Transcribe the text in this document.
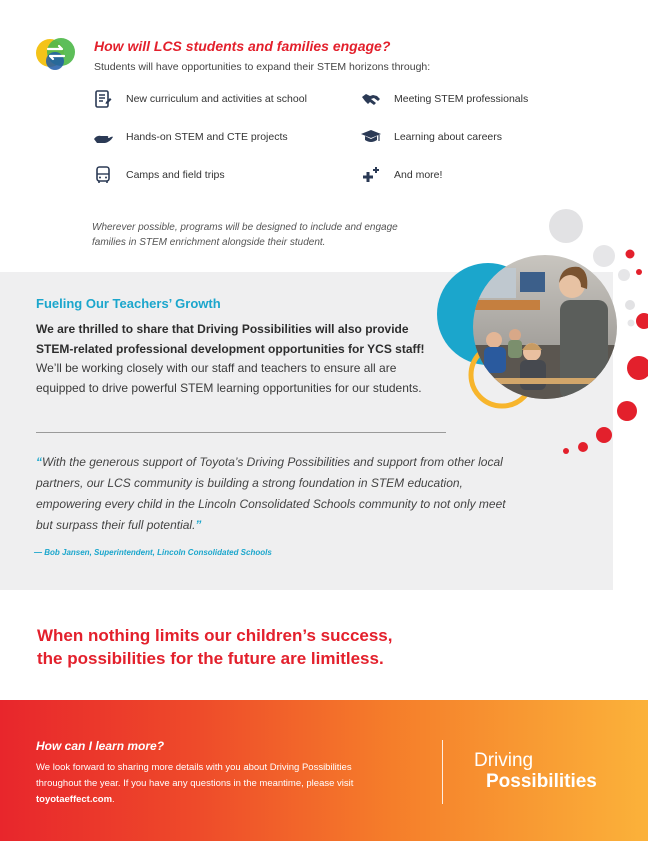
How will LCS students and families engage?
Students will have opportunities to expand their STEM horizons through:
New curriculum and activities at school	Meeting STEM professionals
Hands-on STEM and CTE projects	Learning about careers
Camps and field trips	And more!
Wherever possible, programs will be designed to include and engage families in STEM enrichment alongside their student.
Fueling Our Teachers’ Growth
We are thrilled to share that Driving Possibilities will also provide STEM-related professional development opportunities for YCS staff! We’ll be working closely with our staff and teachers to ensure all are equipped to drive powerful STEM learning opportunities for our students.
“With the generous support of Toyota’s Driving Possibilities and support from other local partners, our LCS community is building a strong foundation in STEM education, empowering every child in the Lincoln Consolidated Schools community to not only meet but surpass their full potential.”
— Bob Jansen, Superintendent, Lincoln Consolidated Schools
When nothing limits our children’s success,
the possibilities for the future are limitless.
How can I learn more?
We look forward to sharing more details with you about Driving Possibilities throughout the year. If you have any questions in the meantime, please visit toyotaeffect.com.
Driving
Possibilities
